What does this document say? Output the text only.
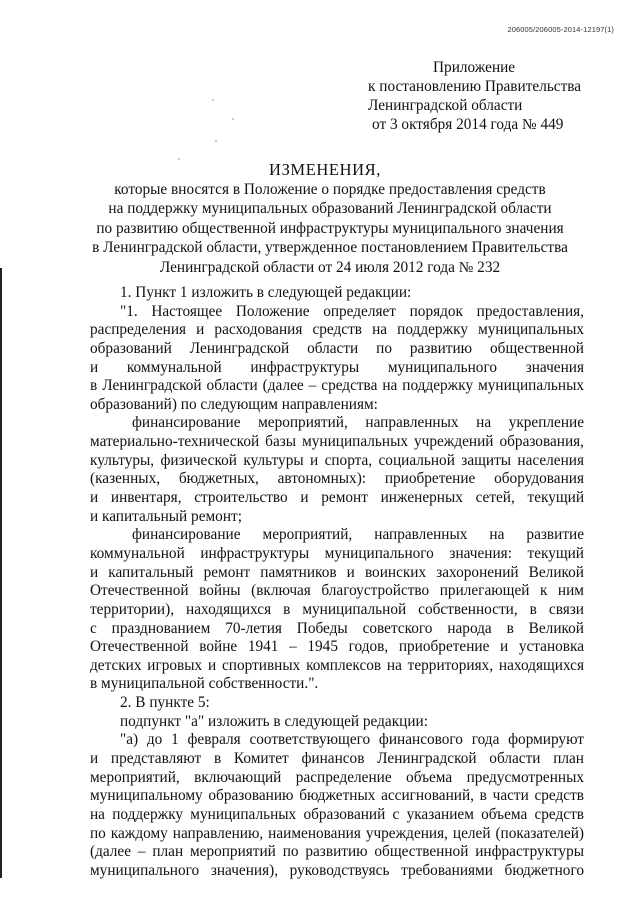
206005/206005-2014-12197(1)
Приложение
к постановлению Правительства
Ленинградской области
от 3 октября 2014 года № 449
ИЗМЕНЕНИЯ,
которые вносятся в Положение о порядке предоставления средств
на поддержку муниципальных образований Ленинградской области
по развитию общественной инфраструктуры муниципального значения
в Ленинградской области, утвержденное постановлением Правительства
Ленинградской области от 24 июля 2012 года № 232
1. Пункт 1 изложить в следующей редакции:
"1. Настоящее Положение определяет порядок предоставления,
распределения и расходования средств на поддержку муниципальных
образований Ленинградской области по развитию общественной
и коммунальной инфраструктуры муниципального значения
в Ленинградской области (далее – средства на поддержку муниципальных
образований) по следующим направлениям:
финансирование мероприятий, направленных на укрепление
материально-технической базы муниципальных учреждений образования,
культуры, физической культуры и спорта, социальной защиты населения
(казенных, бюджетных, автономных): приобретение оборудования
и инвентаря, строительство и ремонт инженерных сетей, текущий
и капитальный ремонт;
финансирование мероприятий, направленных на развитие
коммунальной инфраструктуры муниципального значения: текущий
и капитальный ремонт памятников и воинских захоронений Великой
Отечественной войны (включая благоустройство прилегающей к ним
территории), находящихся в муниципальной собственности, в связи
с празднованием 70-летия Победы советского народа в Великой
Отечественной войне 1941 – 1945 годов, приобретение и установка
детских игровых и спортивных комплексов на территориях, находящихся
в муниципальной собственности.".
2. В пункте 5:
подпункт "а" изложить в следующей редакции:
"а) до 1 февраля соответствующего финансового года формируют
и представляют в Комитет финансов Ленинградской области план
мероприятий, включающий распределение объема предусмотренных
муниципальному образованию бюджетных ассигнований, в части средств
на поддержку муниципальных образований с указанием объема средств
по каждому направлению, наименования учреждения, целей (показателей)
(далее – план мероприятий по развитию общественной инфраструктуры
муниципального значения), руководствуясь требованиями бюджетного
